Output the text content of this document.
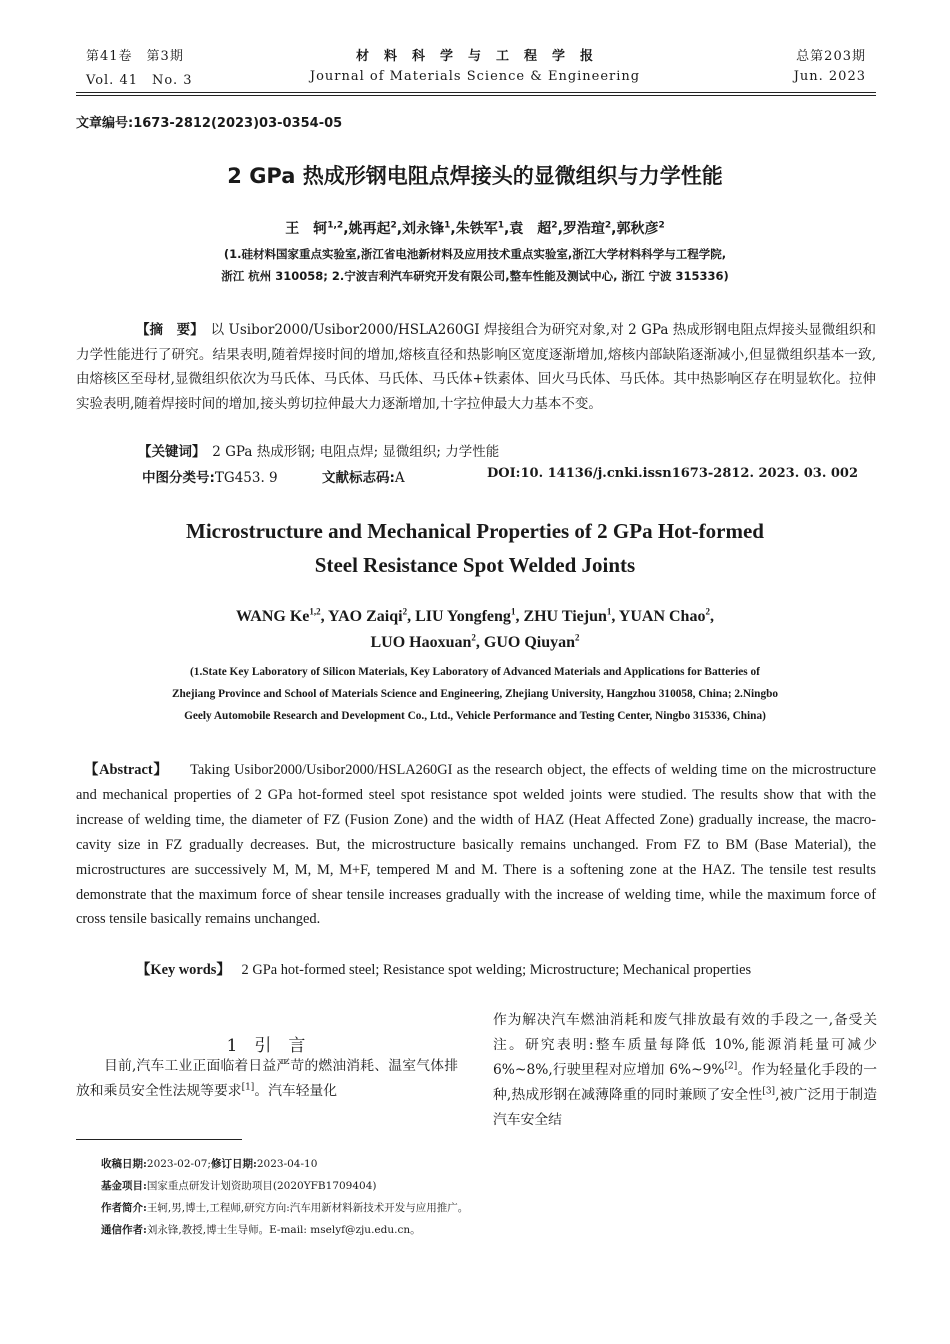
第41卷　第3期
Vol. 41　No. 3
材　料　科　学　与　工　程　学　报
Journal of Materials Science & Engineering
总第203期
Jun. 2023
文章编号:1673-2812(2023)03-0354-05
2 GPa 热成形钢电阻点焊接头的显微组织与力学性能
王　轲$^{1,2}$,姚再起$^2$,刘永锋$^1$,朱铁军$^1$,袁　超$^2$,罗浩瑄$^2$,郭秋彦$^2$
(1.硅材料国家重点实验室,浙江省电池新材料及应用技术重点实验室,浙江大学材料科学与工程学院,
浙江 杭州 310058; 2.宁波吉利汽车研究开发有限公司,整车性能及测试中心, 浙江 宁波 315336)
【摘　要】　 以 Usibor2000/Usibor2000/HSLA260GI 焊接组合为研究对象,对 2 GPa 热成形钢电阻点焊接头显微组织和力学性能进行了研究。结果表明,随着焊接时间的增加,熔核直径和热影响区宽度逐渐增加,熔核内部缺陷逐渐减小,但显微组织基本一致,由熔核区至母材,显微组织依次为马氏体、马氏体、马氏体、马氏体+铁素体、回火马氏体、马氏体。其中热影响区存在明显软化。拉伸实验表明,随着焊接时间的增加,接头剪切拉伸最大力逐渐增加,十字拉伸最大力基本不变。
【关键词】　 2 GPa 热成形钢; 电阻点焊; 显微组织; 力学性能
中图分类号:TG453. 9	文献标志码:A	DOI:10. 14136/j.cnki.issn1673-2812. 2023. 03. 002
Microstructure and Mechanical Properties of 2 GPa Hot-formed
Steel Resistance Spot Welded Joints
WANG Ke$^{1,2}$, YAO Zaiqi$^2$, LIU Yongfeng$^1$, ZHU Tiejun$^1$, YUAN Chao$^2$,
LUO Haoxuan$^2$, GUO Qiuyan$^2$
(1.State Key Laboratory of Silicon Materials, Key Laboratory of Advanced Materials and Applications for Batteries of
Zhejiang Province and School of Materials Science and Engineering, Zhejiang University, Hangzhou 310058, China; 2.Ningbo
Geely Automobile Research and Development Co., Ltd., Vehicle Performance and Testing Center, Ningbo 315336, China)
【Abstract】 Taking Usibor2000/Usibor2000/HSLA260GI as the research object, the effects of welding time on the microstructure and mechanical properties of 2 GPa hot-formed steel spot resistance spot welded joints were studied. The results show that with the increase of welding time, the diameter of FZ (Fusion Zone) and the width of HAZ (Heat Affected Zone) gradually increase, the macro-cavity size in FZ gradually decreases. But, the microstructure basically remains unchanged. From FZ to BM (Base Material), the microstructures are successively M, M, M, M+F, tempered M and M. There is a softening zone at the HAZ. The tensile test results demonstrate that the maximum force of shear tensile increases gradually with the increase of welding time, while the maximum force of cross tensile basically remains unchanged.
【Key words】 2 GPa hot-formed steel; Resistance spot welding; Microstructure; Mechanical properties
1　引　言
目前,汽车工业正面临着日益严苛的燃油消耗、温室气体排放和乘员安全性法规等要求[1]。汽车轻量化
作为解决汽车燃油消耗和废气排放最有效的手段之一,备受关注。研究表明:整车质量每降低 10%,能源消耗量可减少 6%~8%,行驶里程对应增加 6%~9%[2]。作为轻量化手段的一种,热成形钢在减薄降重的同时兼顾了安全性[3],被广泛用于制造汽车安全结
收稿日期:2023-02-07;修订日期:2023-04-10
基金项目:国家重点研发计划资助项目(2020YFB1709404)
作者简介:王轲,男,博士,工程师,研究方向:汽车用新材料新技术开发与应用推广。
通信作者:刘永锋,教授,博士生导师。E-mail: mselyf@zju.edu.cn。
